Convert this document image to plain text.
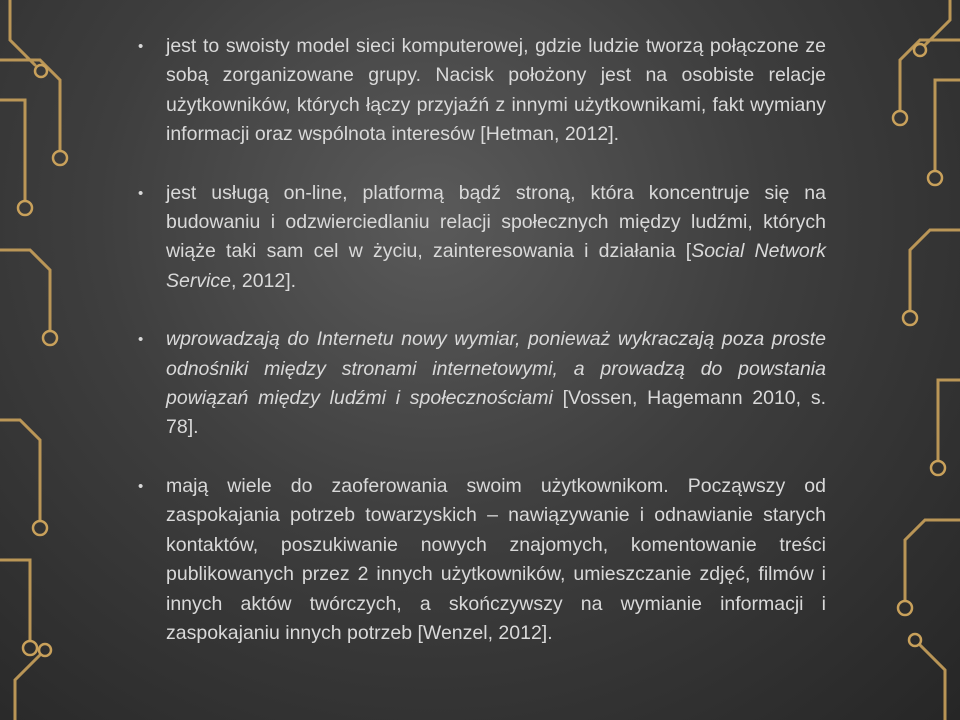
• jest to swoisty model sieci komputerowej, gdzie ludzie tworzą połączone ze sobą zorganizowane grupy. Nacisk położony jest na osobiste relacje użytkowników, których łączy przyjaźń z innymi użytkownikami, fakt wymiany informacji oraz wspólnota interesów [Hetman, 2012].
• jest usługą on-line, platformą bądź stroną, która koncentruje się na budowaniu i odzwierciedlaniu relacji społecznych między ludźmi, których wiąże taki sam cel w życiu, zainteresowania i działania [Social Network Service, 2012].
• wprowadzają do Internetu nowy wymiar, ponieważ wykraczają poza proste odnośniki między stronami internetowymi, a prowadzą do powstania powiązań między ludźmi i społecznościami [Vossen, Hagemann 2010, s. 78].
• mają wiele do zaoferowania swoim użytkownikom. Począwszy od zaspokajania potrzeb towarzyskich – nawiązywanie i odnawianie starych kontaktów, poszukiwanie nowych znajomych, komentowanie treści publikowanych przez 2 innych użytkowników, umieszczanie zdjęć, filmów i innych aktów twórczych, a skończywszy na wymianie informacji i zaspokajaniu innych potrzeb [Wenzel, 2012].
